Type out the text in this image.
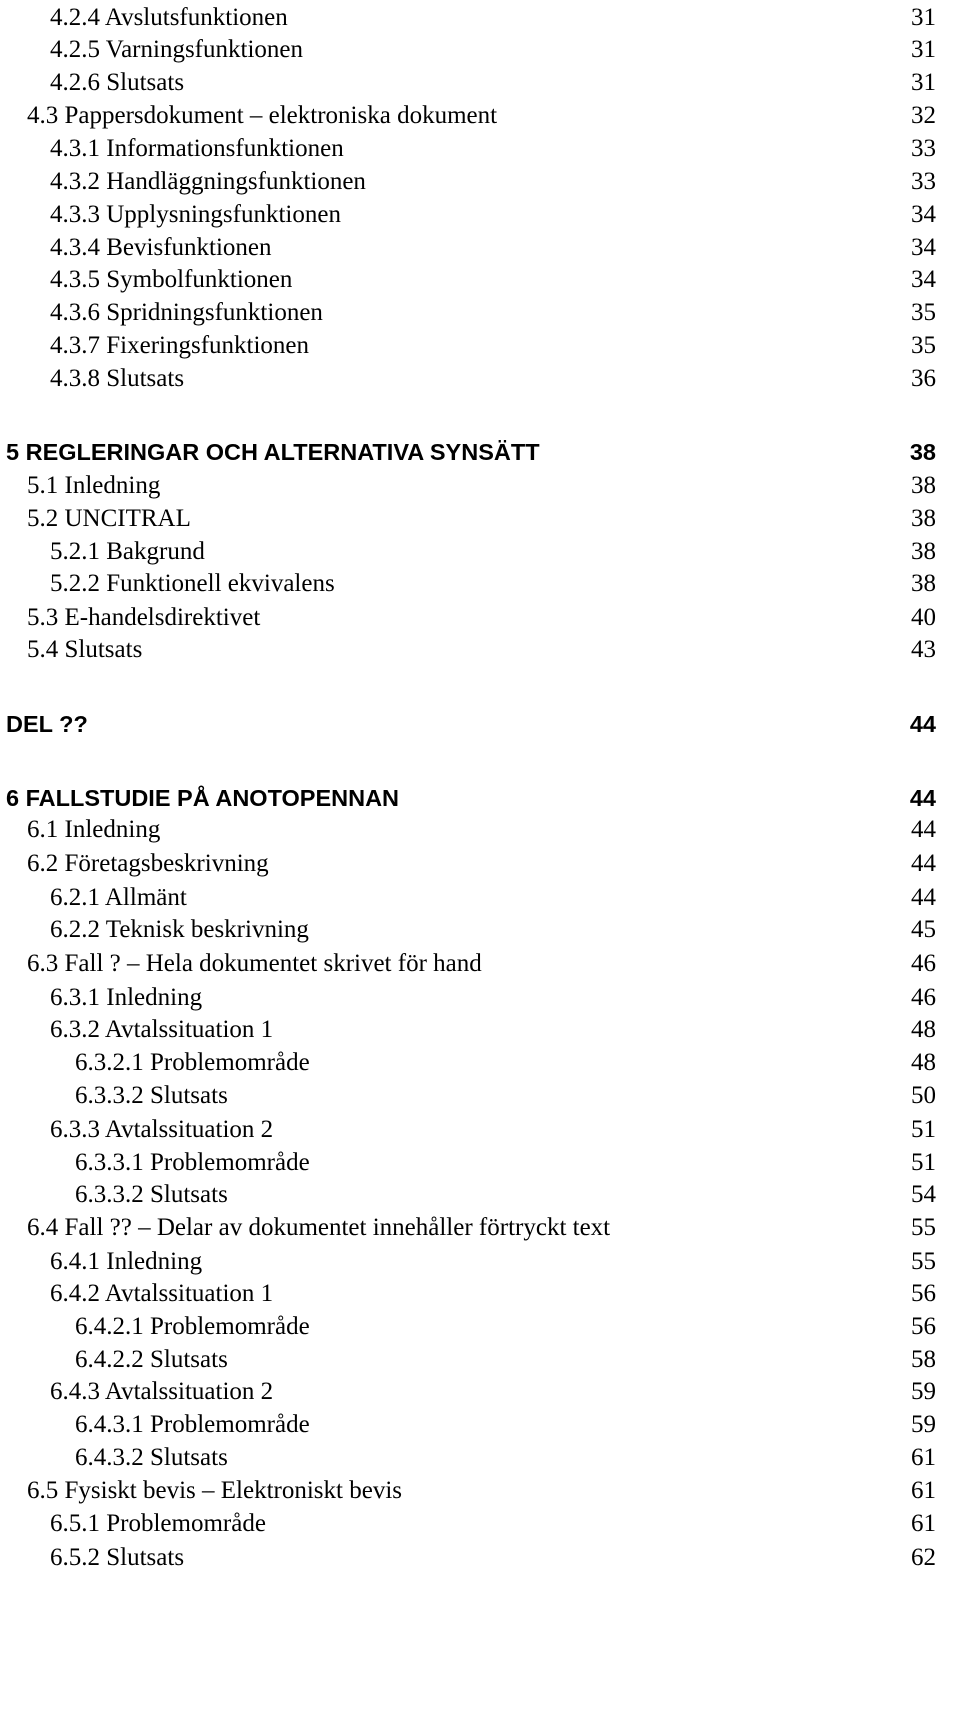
4.2.4 Avslutsfunktionen	31
4.2.5 Varningsfunktionen	31
4.2.6 Slutsats	31
4.3 Pappersdokument – elektroniska dokument	32
4.3.1 Informationsfunktionen	33
4.3.2 Handläggningsfunktionen	33
4.3.3 Upplysningsfunktionen	34
4.3.4 Bevisfunktionen	34
4.3.5 Symbolfunktionen	34
4.3.6 Spridningsfunktionen	35
4.3.7 Fixeringsfunktionen	35
4.3.8 Slutsats	36
5 REGLERINGAR OCH ALTERNATIVA SYNSÄTT	38
5.1 Inledning	38
5.2 UNCITRAL	38
5.2.1 Bakgrund	38
5.2.2 Funktionell ekvivalens	38
5.3 E-handelsdirektivet	40
5.4 Slutsats	43
DEL ??	44
6 FALLSTUDIE PÅ ANOTOPENNAN	44
6.1 Inledning	44
6.2 Företagsbeskrivning	44
6.2.1 Allmänt	44
6.2.2 Teknisk beskrivning	45
6.3 Fall ? – Hela dokumentet skrivet för hand	46
6.3.1 Inledning	46
6.3.2 Avtalssituation 1	48
6.3.2.1 Problemområde	48
6.3.3.2 Slutsats	50
6.3.3 Avtalssituation 2	51
6.3.3.1 Problemområde	51
6.3.3.2 Slutsats	54
6.4 Fall ?? – Delar av dokumentet innehåller förtryckt text	55
6.4.1 Inledning	55
6.4.2 Avtalssituation 1	56
6.4.2.1 Problemområde	56
6.4.2.2 Slutsats	58
6.4.3 Avtalssituation 2	59
6.4.3.1 Problemområde	59
6.4.3.2 Slutsats	61
6.5 Fysiskt bevis – Elektroniskt bevis	61
6.5.1 Problemområde	61
6.5.2 Slutsats	62
